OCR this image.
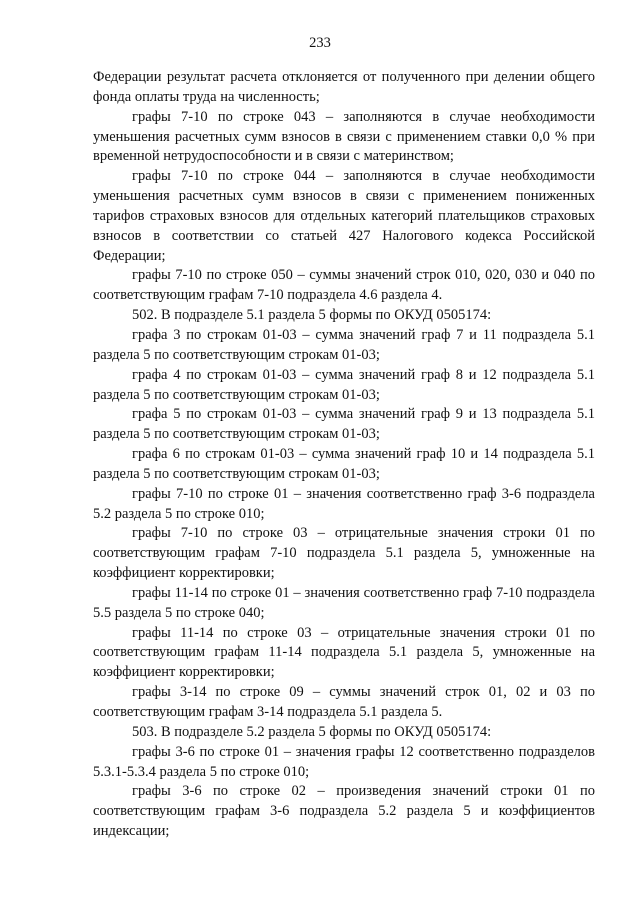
233

Федерации результат расчета отклоняется от полученного при делении общего фонда оплаты труда на численность;

графы 7-10 по строке 043 – заполняются в случае необходимости уменьшения расчетных сумм взносов в связи с применением ставки 0,0 % при временной нетрудоспособности и в связи с материнством;

графы 7-10 по строке 044 – заполняются в случае необходимости уменьшения расчетных сумм взносов в связи с применением пониженных тарифов страховых взносов для отдельных категорий плательщиков страховых взносов в соответствии со статьей 427 Налогового кодекса Российской Федерации;

графы 7-10 по строке 050 – суммы значений строк 010, 020, 030 и 040 по соответствующим графам 7-10 подраздела 4.6 раздела 4.

502. В подразделе 5.1 раздела 5 формы по ОКУД 0505174:

графа 3 по строкам 01-03 – сумма значений граф 7 и 11 подраздела 5.1 раздела 5 по соответствующим строкам 01-03;

графа 4 по строкам 01-03 – сумма значений граф 8 и 12 подраздела 5.1 раздела 5 по соответствующим строкам 01-03;

графа 5 по строкам 01-03 – сумма значений граф 9 и 13 подраздела 5.1 раздела 5 по соответствующим строкам 01-03;

графа 6 по строкам 01-03 – сумма значений граф 10 и 14 подраздела 5.1 раздела 5 по соответствующим строкам 01-03;

графы 7-10 по строке 01 – значения соответственно граф 3-6 подраздела 5.2 раздела 5 по строке 010;

графы 7-10 по строке 03 – отрицательные значения строки 01 по соответствующим графам 7-10 подраздела 5.1 раздела 5, умноженные на коэффициент корректировки;

графы 11-14 по строке 01 – значения соответственно граф 7-10 подраздела 5.5 раздела 5 по строке 040;

графы 11-14 по строке 03 – отрицательные значения строки 01 по соответствующим графам 11-14 подраздела 5.1 раздела 5, умноженные на коэффициент корректировки;

графы 3-14 по строке 09 – суммы значений строк 01, 02 и 03 по соответствующим графам 3-14 подраздела 5.1 раздела 5.

503. В подразделе 5.2 раздела 5 формы по ОКУД 0505174:

графы 3-6 по строке 01 – значения графы 12 соответственно подразделов 5.3.1-5.3.4 раздела 5 по строке 010;

графы 3-6 по строке 02 – произведения значений строки 01 по соответствующим графам 3-6 подраздела 5.2 раздела 5 и коэффициентов индексации;
